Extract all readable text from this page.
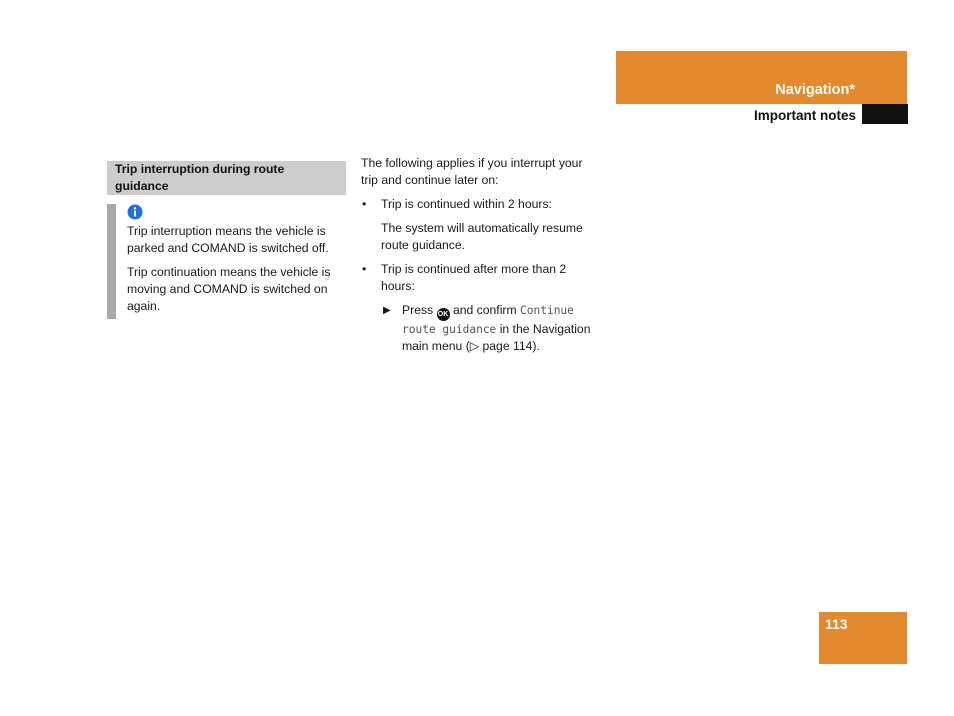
Navigation*
Important notes
Trip interruption during route guidance

Trip interruption means the vehicle is parked and COMAND is switched off.

Trip continuation means the vehicle is moving and COMAND is switched on again.

The following applies if you interrupt your trip and continue later on:

• Trip is continued within 2 hours:

The system will automatically resume route guidance.

• Trip is continued after more than 2 hours:

▶ Press OK and confirm Continue route guidance in the Navigation main menu (▷ page 114).

113
